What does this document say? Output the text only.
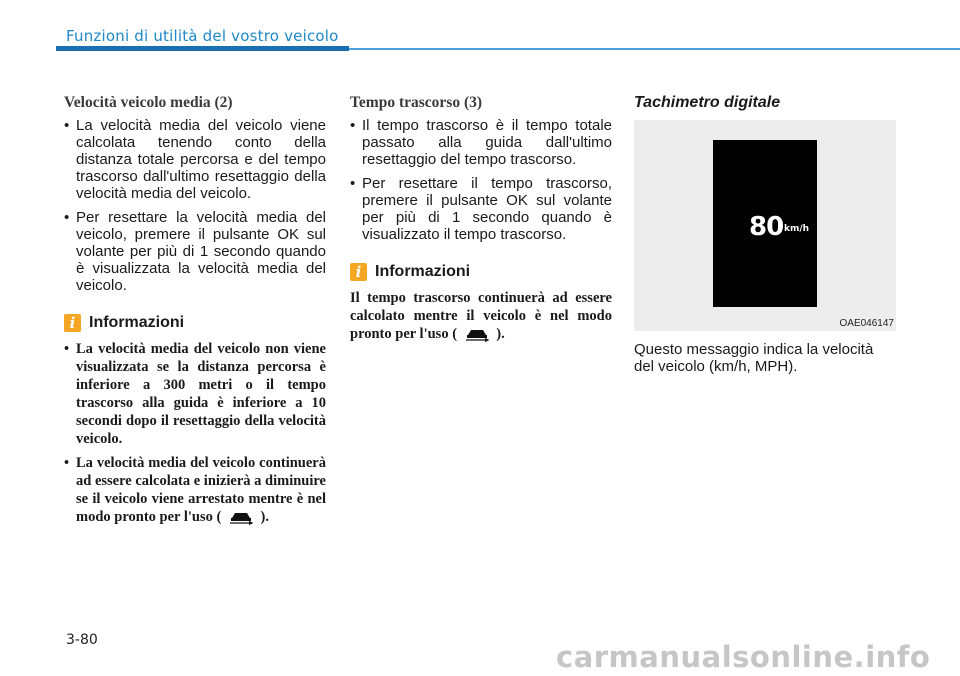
Funzioni di utilità del vostro veicolo
Velocità veicolo media (2)
• La velocità media del veicolo viene calcolata tenendo conto della distanza totale percorsa e del tempo trascorso dall'ultimo resettaggio della velocità media del veicolo.
• Per resettare la velocità media del veicolo, premere il pulsante OK sul volante per più di 1 secondo quando è visualizzata la velocità media del veicolo.
i Informazioni
• La velocità media del veicolo non viene visualizzata se la distanza percorsa è inferiore a 300 metri o il tempo trascorso alla guida è inferiore a 10 secondi dopo il resettaggio della velocità veicolo.
• La velocità media del veicolo continuerà ad essere calcolata e inizierà a diminuire se il veicolo viene arrestato mentre è nel modo pronto per l'uso (	).
Tempo trascorso (3)
• Il tempo trascorso è il tempo totale passato alla guida dall'ultimo resettaggio del tempo trascorso.
• Per resettare il tempo trascorso, premere il pulsante OK sul volante per più di 1 secondo quando è visualizzato il tempo trascorso.
i Informazioni

Il tempo trascorso continuerà ad essere calcolato mentre il veicolo è nel modo pronto per l'uso (	).

Tachimetro digitale
80 km/h
OAE046147
Questo messaggio indica la velocità del veicolo (km/h, MPH).
3-80	carmanualsonline.info
